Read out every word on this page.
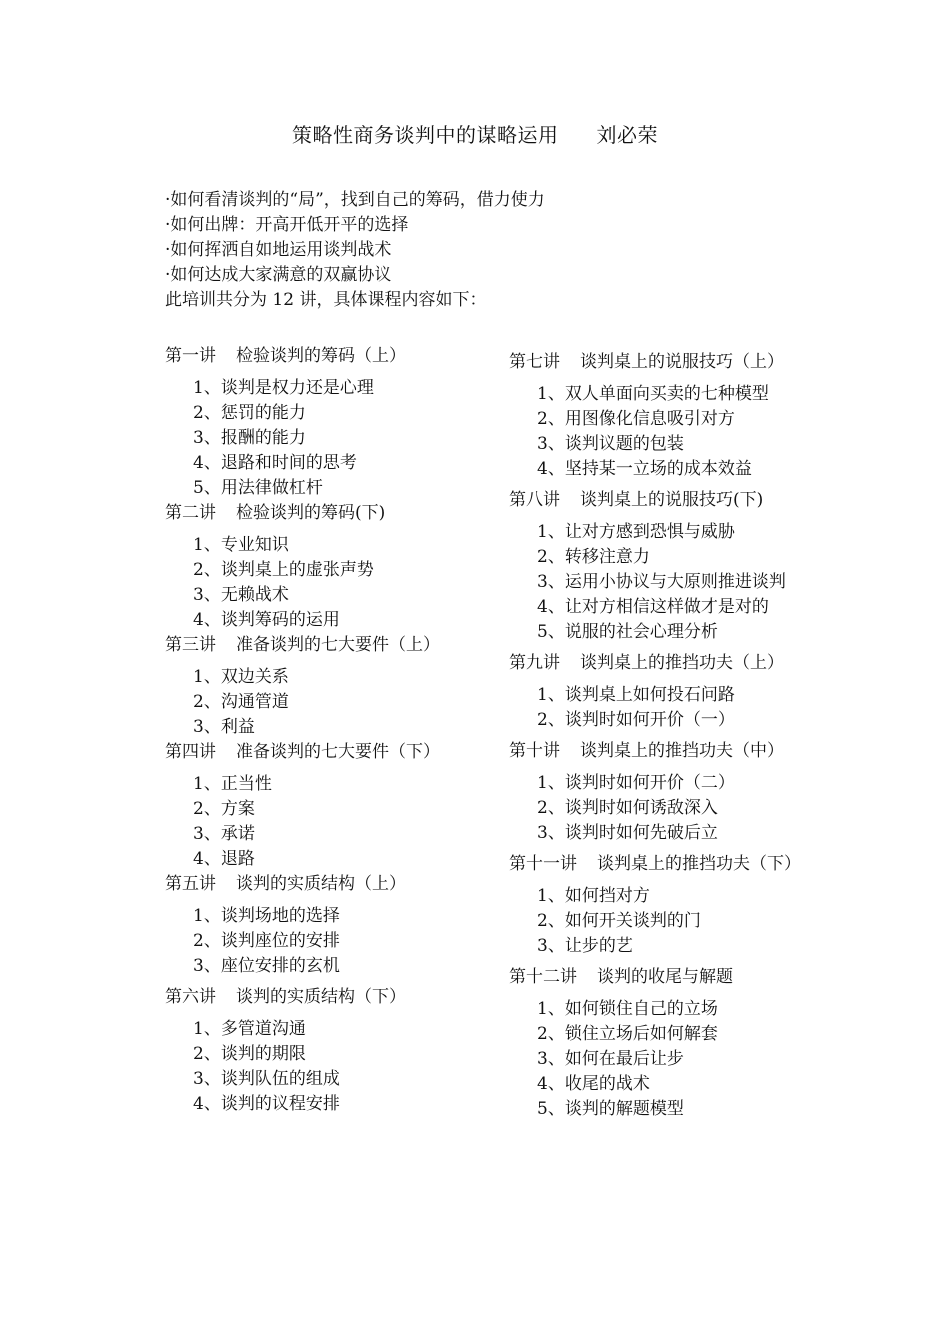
策略性商务谈判中的谋略运用 刘必荣
·如何看清谈判的“局”，找到自己的筹码，借力使力
·如何出牌：开高开低开平的选择
·如何挥洒自如地运用谈判战术
·如何达成大家满意的双赢协议
此培训共分为 12 讲，具体课程内容如下：
第一讲 检验谈判的筹码（上）
1、谈判是权力还是心理
2、惩罚的能力
3、报酬的能力
4、退路和时间的思考
5、用法律做杠杆
第二讲 检验谈判的筹码(下)
1、专业知识
2、谈判桌上的虚张声势
3、无赖战术
4、谈判筹码的运用
第三讲 准备谈判的七大要件（上）
1、双边关系
2、沟通管道
3、利益
第四讲 准备谈判的七大要件（下）
1、正当性
2、方案
3、承诺
4、退路
第五讲 谈判的实质结构（上）
1、谈判场地的选择
2、谈判座位的安排
3、座位安排的玄机
第六讲 谈判的实质结构（下）
1、多管道沟通
2、谈判的期限
3、谈判队伍的组成
4、谈判的议程安排
第七讲 谈判桌上的说服技巧（上）
1、双人单面向买卖的七种模型
2、用图像化信息吸引对方
3、谈判议题的包装
4、坚持某一立场的成本效益
第八讲 谈判桌上的说服技巧(下)
1、让对方感到恐惧与威胁
2、转移注意力
3、运用小协议与大原则推进谈判
4、让对方相信这样做才是对的
5、说服的社会心理分析
第九讲 谈判桌上的推挡功夫（上）
1、谈判桌上如何投石问路
2、谈判时如何开价（一）
第十讲 谈判桌上的推挡功夫（中）
1、谈判时如何开价（二）
2、谈判时如何诱敌深入
3、谈判时如何先破后立
第十一讲 谈判桌上的推挡功夫（下）
1、如何挡对方
2、如何开关谈判的门
3、让步的艺
第十二讲 谈判的收尾与解题
1、如何锁住自己的立场
2、锁住立场后如何解套
3、如何在最后让步
4、收尾的战术
5、谈判的解题模型
